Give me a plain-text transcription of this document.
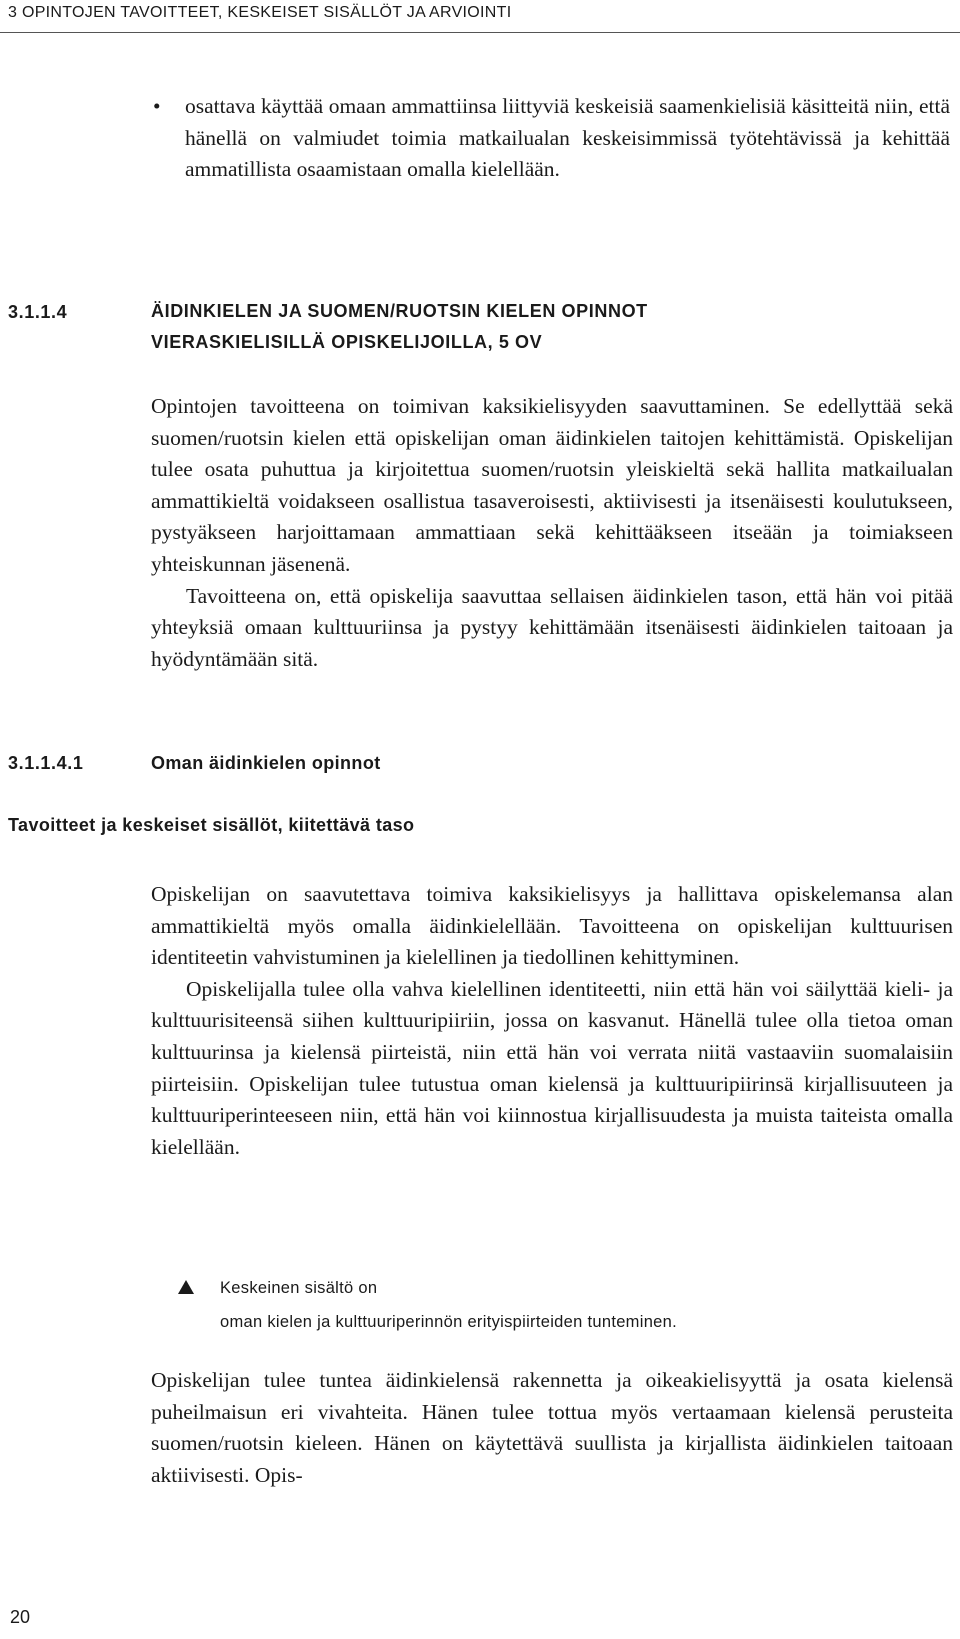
3 OPINTOJEN TAVOITTEET, KESKEISET SISÄLLÖT JA ARVIOINTI
• osattava käyttää omaan ammattiinsa liittyviä keskeisiä saamenkielisiä käsitteitä niin, että hänellä on valmiudet toimia matkailualan keskeisimmissä työtehtävissä ja kehittää ammatillista osaamistaan omalla kielellään.
3.1.1.4	ÄIDINKIELEN JA SUOMEN/RUOTSIN KIELEN OPINNOT
VIERASKIELISILLÄ OPISKELIJOILLA, 5 OV

Opintojen tavoitteena on toimivan kaksikielisyyden saavuttaminen. Se edellyttää sekä suomen/ruotsin kielen että opiskelijan oman äidinkielen taitojen kehittämistä. Opiskelijan tulee osata puhuttua ja kirjoitettua suomen/ruotsin yleiskieltä sekä hallita matkailualan ammattikieltä voidakseen osallistua tasaveroisesti, aktiivisesti ja itsenäisesti koulutukseen, pystyäkseen harjoittamaan ammattiaan sekä kehittääkseen itseään ja toimiakseen yhteiskunnan jäsenenä.

Tavoitteena on, että opiskelija saavuttaa sellaisen äidinkielen tason, että hän voi pitää yhteyksiä omaan kulttuuriinsa ja pystyy kehittämään itsenäisesti äidinkielen taitoaan ja hyödyntämään sitä.

3.1.1.4.1	Oman äidinkielen opinnot
Tavoitteet ja keskeiset sisällöt, kiitettävä taso

Opiskelijan on saavutettava toimiva kaksikielisyys ja hallittava opiskelemansa alan ammattikieltä myös omalla äidinkielellään. Tavoitteena on opiskelijan kulttuurisen identiteetin vahvistuminen ja kielellinen ja tiedollinen kehittyminen.

Opiskelijalla tulee olla vahva kielellinen identiteetti, niin että hän voi säilyttää kieli- ja kulttuurisiteensä siihen kulttuuripiiriin, jossa on kasvanut. Hänellä tulee olla tietoa oman kulttuurinsa ja kielensä piirteistä, niin että hän voi verrata niitä vastaaviin suomalaisiin piirteisiin. Opiskelijan tulee tutustua oman kielensä ja kulttuuripiirinsä kirjallisuuteen ja kulttuuriperinteeseen niin, että hän voi kiinnostua kirjallisuudesta ja muista taiteista omalla kielellään.

Keskeinen sisältö on
oman kielen ja kulttuuriperinnön erityispiirteiden tunteminen.

Opiskelijan tulee tuntea äidinkielensä rakennetta ja oikeakielisyyttä ja osata kielensä puheilmaisun eri vivahteita. Hänen tulee tottua myös vertaamaan kielensä perusteita suomen/ruotsin kieleen. Hänen on käytettävä suullista ja kirjallista äidinkielen taitoaan aktiivisesti. Opis-

20
